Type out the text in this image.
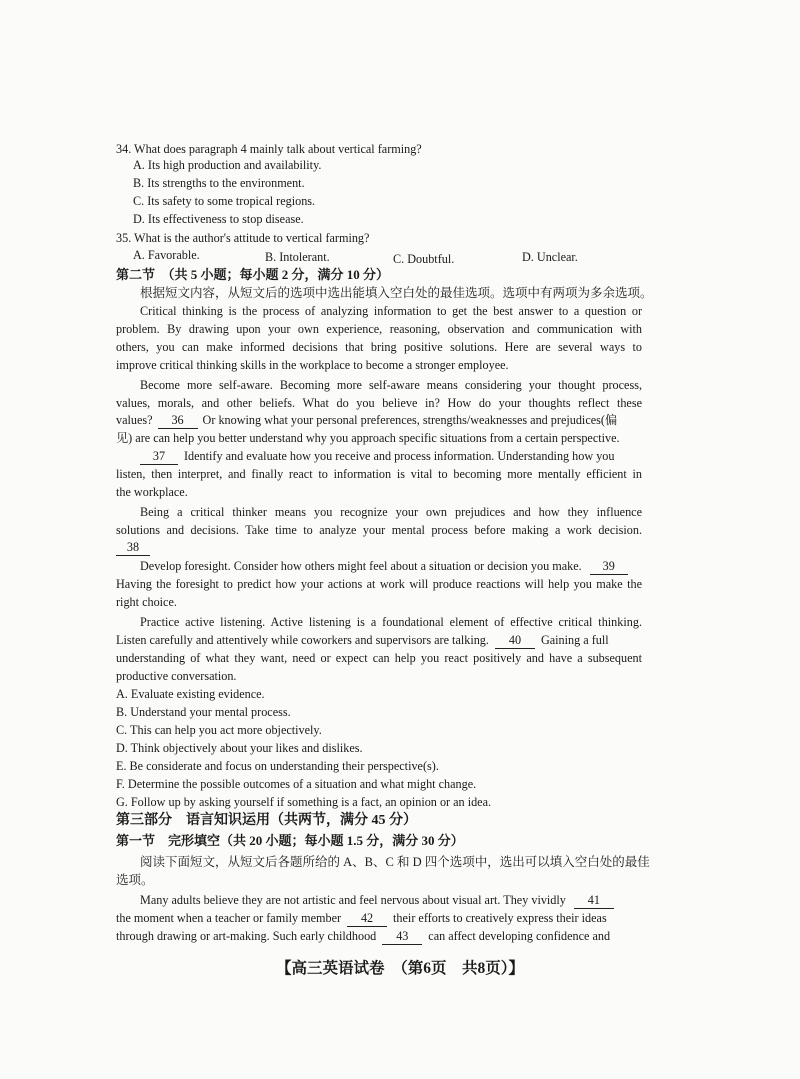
34. What does paragraph 4 mainly talk about vertical farming?
A. Its high production and availability.
B. Its strengths to the environment.
C. Its safety to some tropical regions.
D. Its effectiveness to stop disease.
35. What is the author's attitude to vertical farming?
A. Favorable.	B. Intolerant.	C. Doubtful.	D. Unclear.
第二节　（共 5 小题；每小题 2 分，满分 10 分）
根据短文内容，从短文后的选项中选出能填入空白处的最佳选项。选项中有两项为多余选项。
Critical thinking is the process of analyzing information to get the best answer to a question or
problem. By drawing upon your own experience, reasoning, observation and communication with
others, you can make informed decisions that bring positive solutions. Here are several ways to
improve critical thinking skills in the workplace to become a stronger employee.
Become more self-aware. Becoming more self-aware means considering your thought process,
values, morals, and other beliefs. What do you believe in? How do your thoughts reflect these
values?	36	Or knowing what your personal preferences, strengths/weaknesses and prejudices(偏
见) are can help you better understand why you approach specific situations from a certain perspective.
37	Identify and evaluate how you receive and process information. Understanding how you
listen, then interpret, and finally react to information is vital to becoming more mentally efficient in
the workplace.
Being a critical thinker means you recognize your own prejudices and how they influence
solutions and decisions. Take time to analyze your mental process before making a work decision.
38
Develop foresight. Consider how others might feel about a situation or decision you make.	39
Having the foresight to predict how your actions at work will produce reactions will help you make the
right choice.
Practice active listening. Active listening is a foundational element of effective critical thinking.
Listen carefully and attentively while coworkers and supervisors are talking.	40	Gaining a full
understanding of what they want, need or expect can help you react positively and have a subsequent
productive conversation.
A. Evaluate existing evidence.
B. Understand your mental process.
C. This can help you act more objectively.
D. Think objectively about your likes and dislikes.
E. Be considerate and focus on understanding their perspective(s).
F. Determine the possible outcomes of a situation and what might change.
G. Follow up by asking yourself if something is a fact, an opinion or an idea.
第三部分　语言知识运用（共两节，满分 45 分）
第一节　完形填空（共 20 小题；每小题 1.5 分，满分 30 分）
阅读下面短文，从短文后各题所给的 A、B、C 和 D 四个选项中，选出可以填入空白处的最佳
选项。
Many adults believe they are not artistic and feel nervous about visual art. They vividly	41
the moment when a teacher or family member	42	their efforts to creatively express their ideas
through drawing or art-making. Such early childhood	43	can affect developing confidence and
【高三英语试卷　（第6页　共8页）】
